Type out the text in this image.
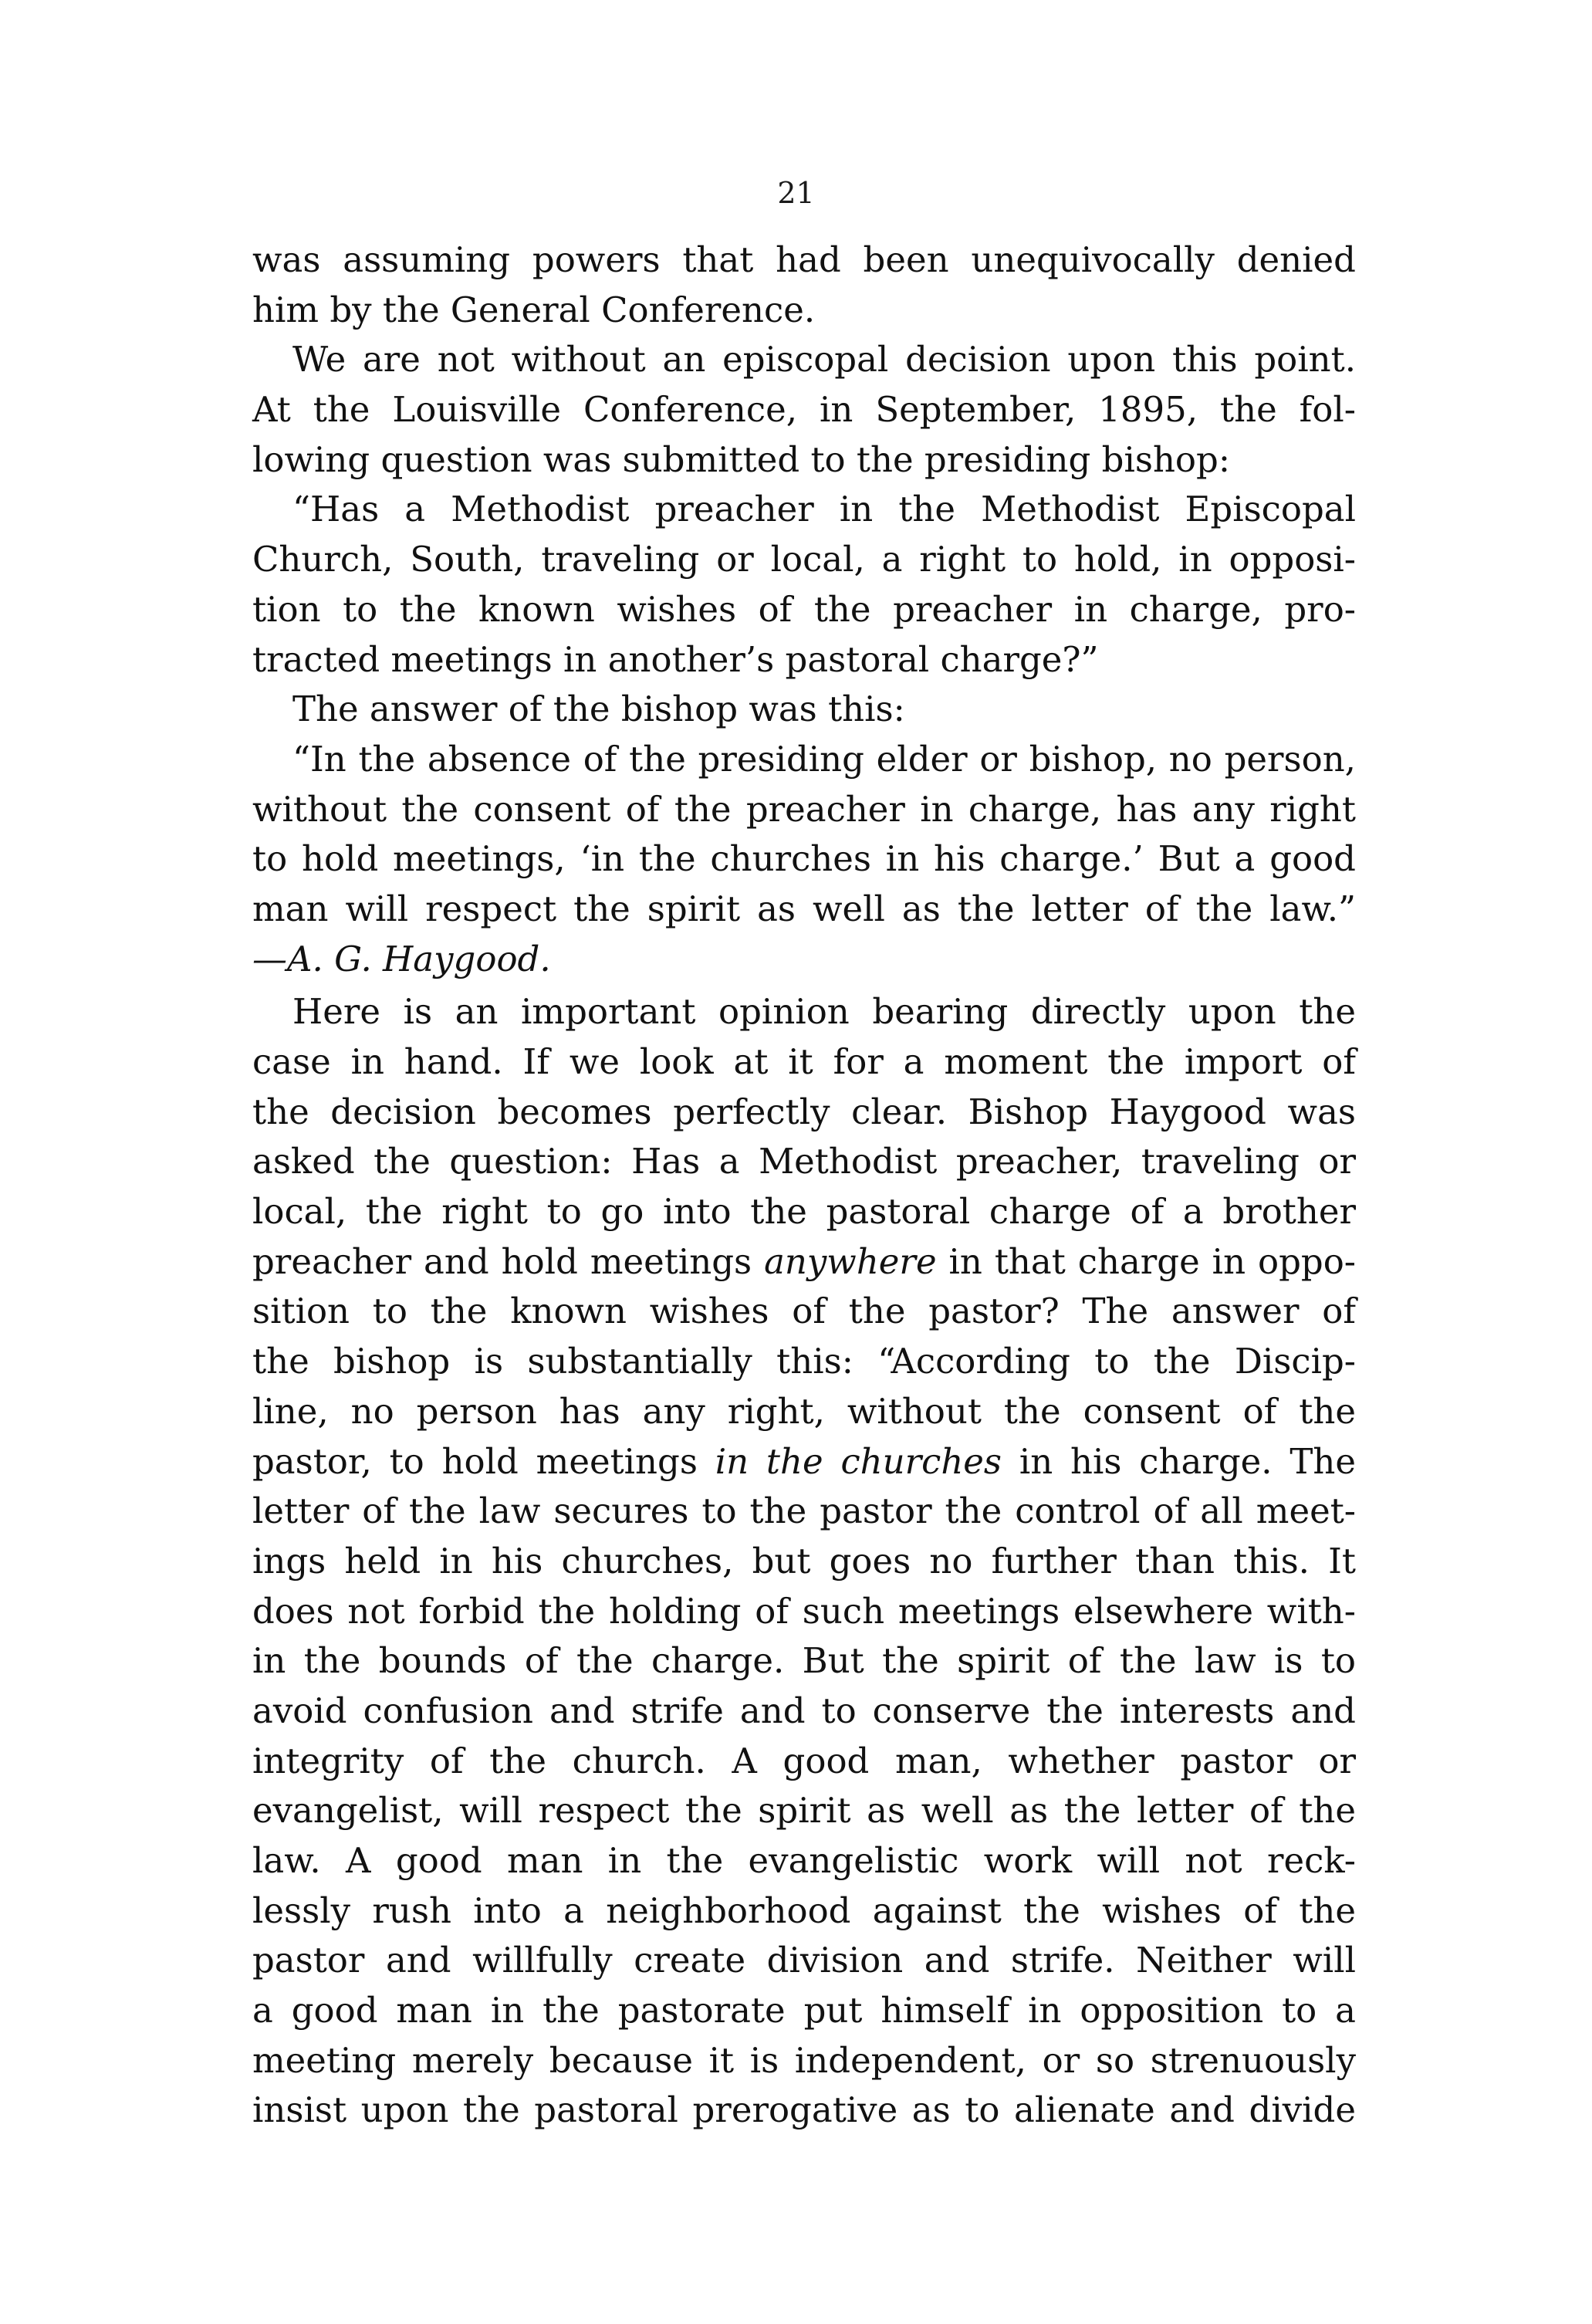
21
was assuming powers that had been unequivocally denied
him by the General Conference.
We are not without an episcopal decision upon this point.
At the Louisville Conference, in September, 1895, the fol-
lowing question was submitted to the presiding bishop:
“Has a Methodist preacher in the Methodist Episcopal
Church, South, traveling or local, a right to hold, in opposi-
tion to the known wishes of the preacher in charge, pro-
tracted meetings in another’s pastoral charge?”
The answer of the bishop was this:
“In the absence of the presiding elder or bishop, no person,
without the consent of the preacher in charge, has any right
to hold meetings, ‘in the churches in his charge.’ But a good
man will respect the spirit as well as the letter of the law.”
—A. G. Haygood.
Here is an important opinion bearing directly upon the
case in hand. If we look at it for a moment the import of
the decision becomes perfectly clear. Bishop Haygood was
asked the question: Has a Methodist preacher, traveling or
local, the right to go into the pastoral charge of a brother
preacher and hold meetings anywhere in that charge in oppo-
sition to the known wishes of the pastor? The answer of
the bishop is substantially this: “According to the Discip-
line, no person has any right, without the consent of the
pastor, to hold meetings in the churches in his charge. The
letter of the law secures to the pastor the control of all meet-
ings held in his churches, but goes no further than this. It
does not forbid the holding of such meetings elsewhere with-
in the bounds of the charge. But the spirit of the law is to
avoid confusion and strife and to conserve the interests and
integrity of the church. A good man, whether pastor or
evangelist, will respect the spirit as well as the letter of the
law. A good man in the evangelistic work will not reck-
lessly rush into a neighborhood against the wishes of the
pastor and willfully create division and strife. Neither will
a good man in the pastorate put himself in opposition to a
meeting merely because it is independent, or so strenuously
insist upon the pastoral prerogative as to alienate and divide
